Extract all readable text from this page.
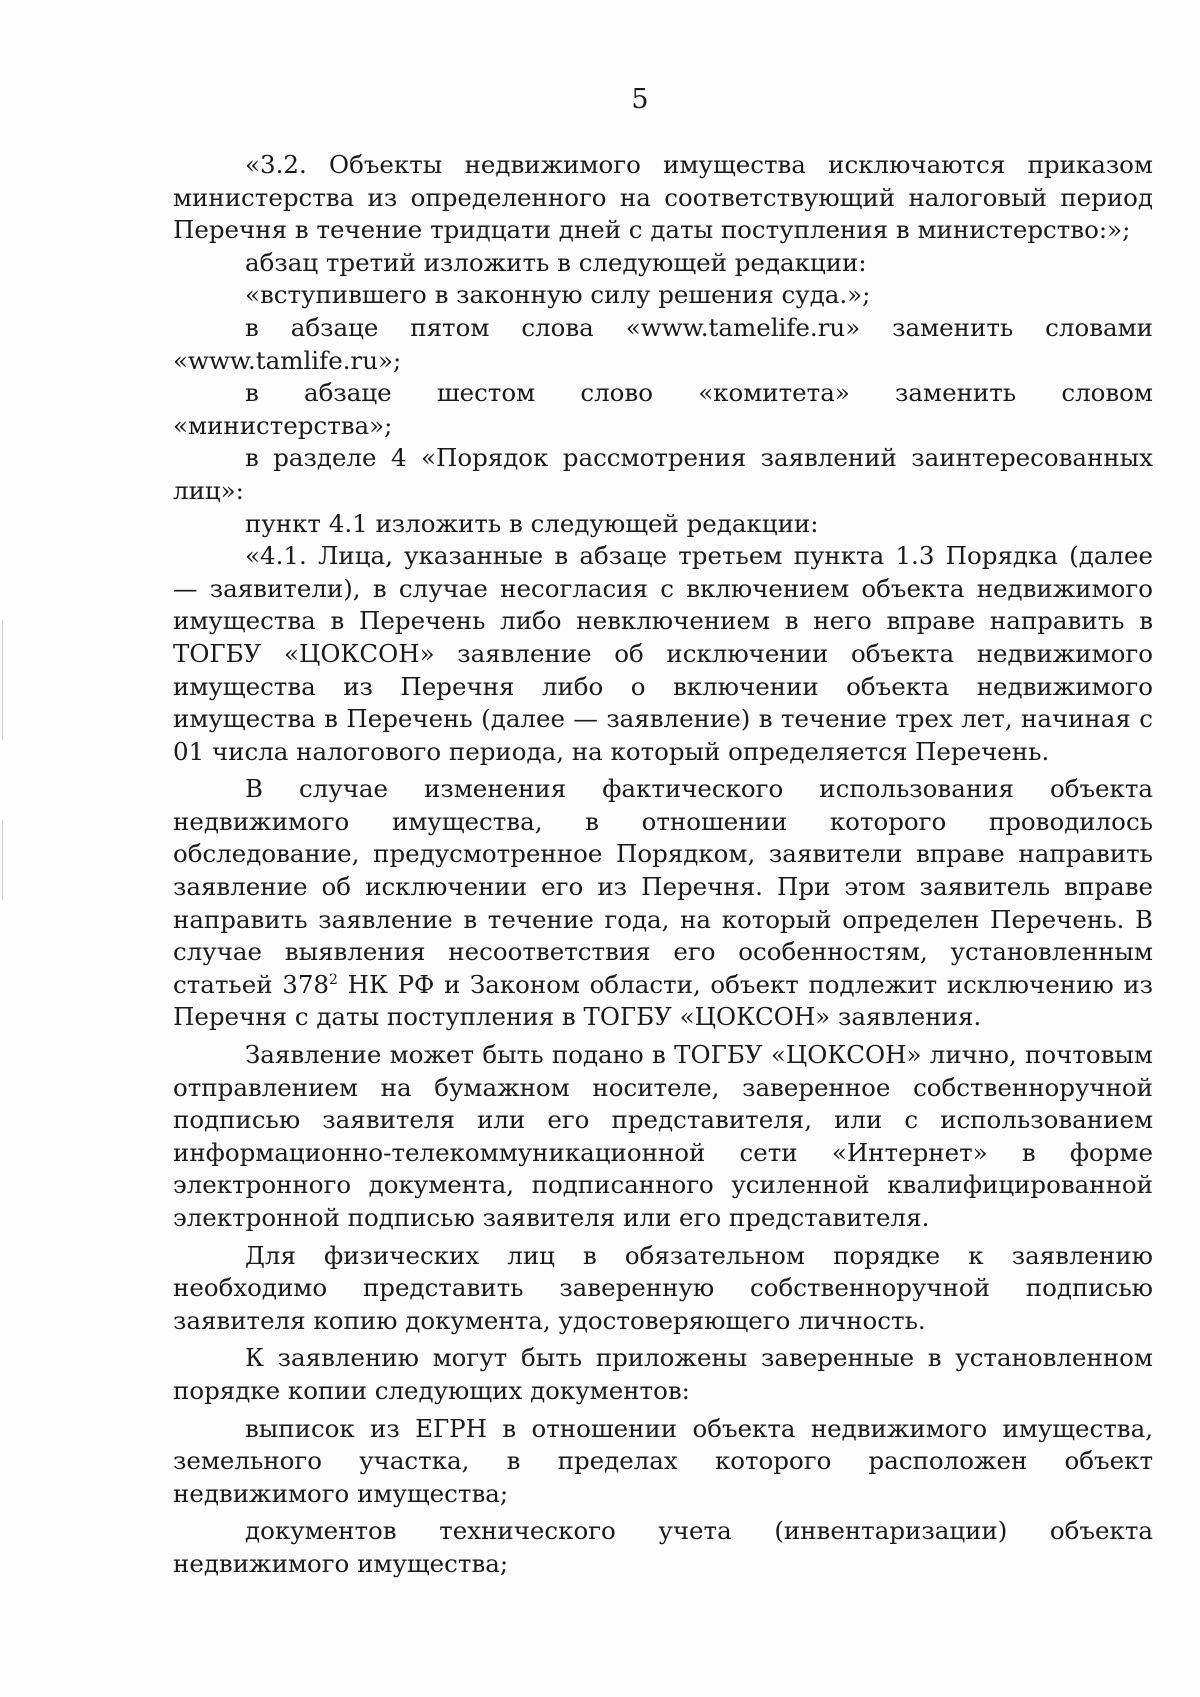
5

«3.2. Объекты недвижимого имущества исключаются приказом министерства из определенного на соответствующий налоговый период Перечня в течение тридцати дней с даты поступления в министерство:»;

абзац третий изложить в следующей редакции:

«вступившего в законную силу решения суда.»;

в абзаце пятом слова «www.tamelife.ru» заменить словами «www.tamlife.ru»;

в абзаце шестом слово «комитета» заменить словом «министерства»;

в разделе 4 «Порядок рассмотрения заявлений заинтересованных лиц»:

пункт 4.1 изложить в следующей редакции:

«4.1. Лица, указанные в абзаце третьем пункта 1.3 Порядка (далее — заявители), в случае несогласия с включением объекта недвижимого имущества в Перечень либо невключением в него вправе направить в ТОГБУ «ЦОКСОН» заявление об исключении объекта недвижимого имущества из Перечня либо о включении объекта недвижимого имущества в Перечень (далее — заявление) в течение трех лет, начиная с 01 числа налогового периода, на который определяется Перечень.

В случае изменения фактического использования объекта недвижимого имущества, в отношении которого проводилось обследование, предусмотренное Порядком, заявители вправе направить заявление об исключении его из Перечня. При этом заявитель вправе направить заявление в течение года, на который определен Перечень. В случае выявления несоответствия его особенностям, установленным статьей $378^2$ НК РФ и Законом области, объект подлежит исключению из Перечня с даты поступления в ТОГБУ «ЦОКСОН» заявления.

Заявление может быть подано в ТОГБУ «ЦОКСОН» лично, почтовым отправлением на бумажном носителе, заверенное собственноручной подписью заявителя или его представителя, или с использованием информационно-телекоммуникационной сети «Интернет» в форме электронного документа, подписанного усиленной квалифицированной электронной подписью заявителя или его представителя.

Для физических лиц в обязательном порядке к заявлению необходимо представить заверенную собственноручной подписью заявителя копию документа, удостоверяющего личность.

К заявлению могут быть приложены заверенные в установленном порядке копии следующих документов:

выписок из ЕГРН в отношении объекта недвижимого имущества, земельного участка, в пределах которого расположен объект недвижимого имущества;

документов технического учета (инвентаризации) объекта недвижимого имущества;
